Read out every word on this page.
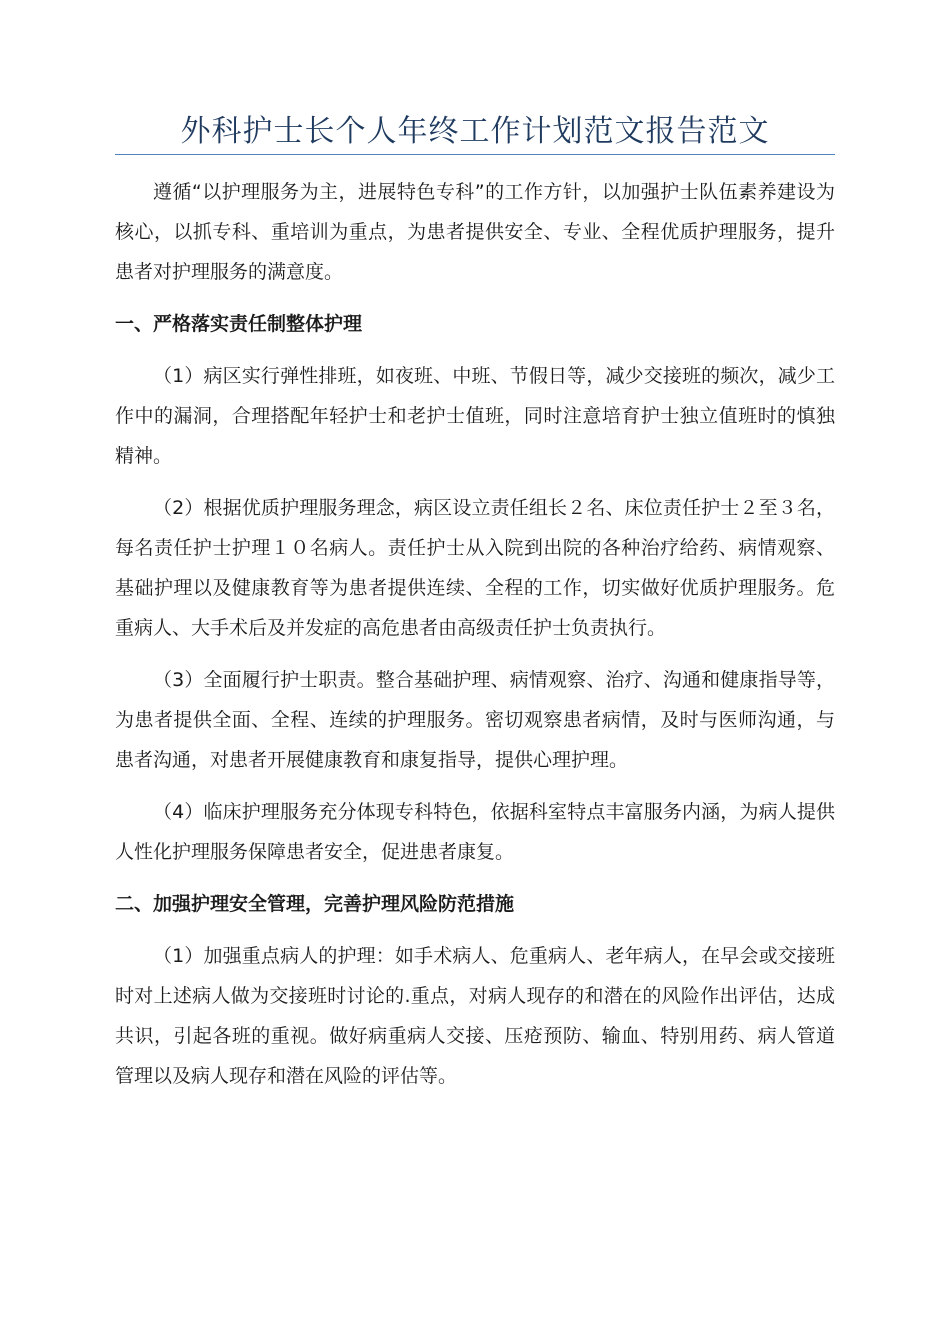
外科护士长个人年终工作计划范文报告范文

遵循“以护理服务为主，进展特色专科”的工作方针，以加强护士队伍素养建设为核心，以抓专科、重培训为重点，为患者提供安全、专业、全程优质护理服务，提升患者对护理服务的满意度。

一、严格落实责任制整体护理

（1）病区实行弹性排班，如夜班、中班、节假日等，减少交接班的频次，减少工作中的漏洞，合理搭配年轻护士和老护士值班，同时注意培育护士独立值班时的慎独精神。

（2）根据优质护理服务理念，病区设立责任组长２名、床位责任护士２至３名，每名责任护士护理１０名病人。责任护士从入院到出院的各种治疗给药、病情观察、基础护理以及健康教育等为患者提供连续、全程的工作，切实做好优质护理服务。危重病人、大手术后及并发症的高危患者由高级责任护士负责执行。

（3）全面履行护士职责。整合基础护理、病情观察、治疗、沟通和健康指导等，为患者提供全面、全程、连续的护理服务。密切观察患者病情，及时与医师沟通，与患者沟通，对患者开展健康教育和康复指导，提供心理护理。

（4）临床护理服务充分体现专科特色，依据科室特点丰富服务内涵，为病人提供人性化护理服务保障患者安全，促进患者康复。

二、加强护理安全管理，完善护理风险防范措施

（1）加强重点病人的护理：如手术病人、危重病人、老年病人，在早会或交接班时对上述病人做为交接班时讨论的.重点，对病人现存的和潜在的风险作出评估，达成共识，引起各班的重视。做好病重病人交接、压疮预防、输血、特别用药、病人管道管理以及病人现存和潜在风险的评估等。
